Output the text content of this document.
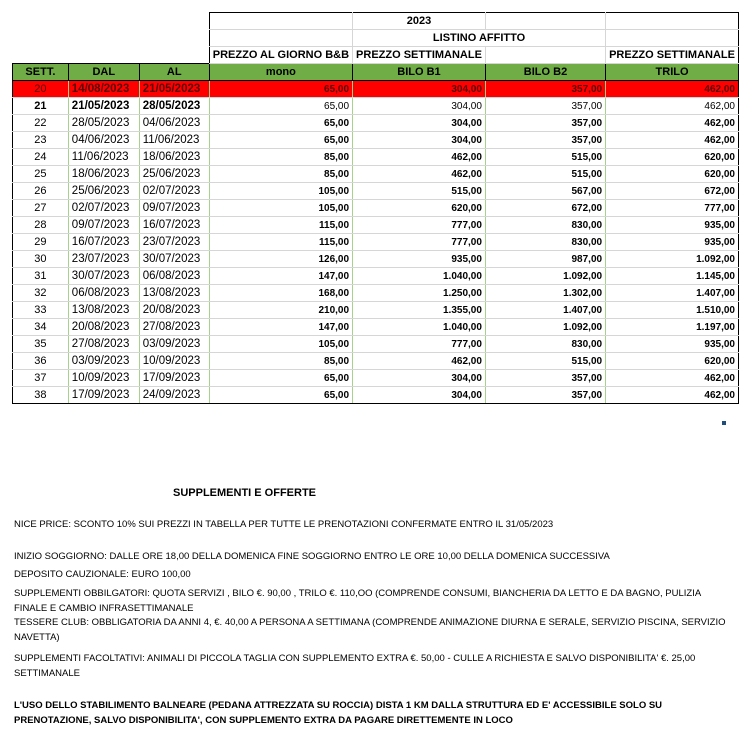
				2023		
				LISTINO AFFITTO		
			PREZZO AL GIORNO B&B	PREZZO SETTIMANALE		PREZZO SETTIMANALE
SETT.	DAL	AL	mono	BILO B1	BILO B2	TRILO
20	14/08/2023	21/05/2023	65,00	304,00	357,00	462,00
21	21/05/2023	28/05/2023	65,00	304,00	357,00	462,00
22	28/05/2023	04/06/2023	65,00	304,00	357,00	462,00
23	04/06/2023	11/06/2023	65,00	304,00	357,00	462,00
24	11/06/2023	18/06/2023	85,00	462,00	515,00	620,00
25	18/06/2023	25/06/2023	85,00	462,00	515,00	620,00
26	25/06/2023	02/07/2023	105,00	515,00	567,00	672,00
27	02/07/2023	09/07/2023	105,00	620,00	672,00	777,00
28	09/07/2023	16/07/2023	115,00	777,00	830,00	935,00
29	16/07/2023	23/07/2023	115,00	777,00	830,00	935,00
30	23/07/2023	30/07/2023	126,00	935,00	987,00	1.092,00
31	30/07/2023	06/08/2023	147,00	1.040,00	1.092,00	1.145,00
32	06/08/2023	13/08/2023	168,00	1.250,00	1.302,00	1.407,00
33	13/08/2023	20/08/2023	210,00	1.355,00	1.407,00	1.510,00
34	20/08/2023	27/08/2023	147,00	1.040,00	1.092,00	1.197,00
35	27/08/2023	03/09/2023	105,00	777,00	830,00	935,00
36	03/09/2023	10/09/2023	85,00	462,00	515,00	620,00
37	10/09/2023	17/09/2023	65,00	304,00	357,00	462,00
38	17/09/2023	24/09/2023	65,00	304,00	357,00	462,00
SUPPLEMENTI E OFFERTE
NICE PRICE: SCONTO 10% SUI PREZZI IN TABELLA PER TUTTE LE PRENOTAZIONI CONFERMATE ENTRO IL 31/05/2023
INIZIO SOGGIORNO: DALLE ORE 18,00 DELLA DOMENICA FINE SOGGIORNO ENTRO LE ORE 10,00 DELLA DOMENICA SUCCESSIVA
DEPOSITO CAUZIONALE: EURO 100,00
SUPPLEMENTI OBBILGATORI: QUOTA SERVIZI , BILO €. 90,00 , TRILO €. 110,OO (COMPRENDE CONSUMI, BIANCHERIA DA LETTO E DA BAGNO, PULIZIA FINALE E CAMBIO INFRASETTIMANALE
TESSERE CLUB: OBBLIGATORIA DA ANNI 4, €. 40,00 A PERSONA A SETTIMANA (COMPRENDE ANIMAZIONE DIURNA E SERALE, SERVIZIO PISCINA, SERVIZIO NAVETTA)
SUPPLEMENTI FACOLTATIVI: ANIMALI DI PICCOLA TAGLIA CON SUPPLEMENTO EXTRA €. 50,00 - CULLE A RICHIESTA E SALVO DISPONIBILITA' €. 25,00 SETTIMANALE
L'USO DELLO STABILIMENTO BALNEARE (PEDANA ATTREZZATA SU ROCCIA) DISTA 1 KM DALLA STRUTTURA ED E' ACCESSIBILE SOLO SU PRENOTAZIONE, SALVO DISPONIBILITA', CON SUPPLEMENTO EXTRA DA PAGARE DIRETTEMENTE IN LOCO
